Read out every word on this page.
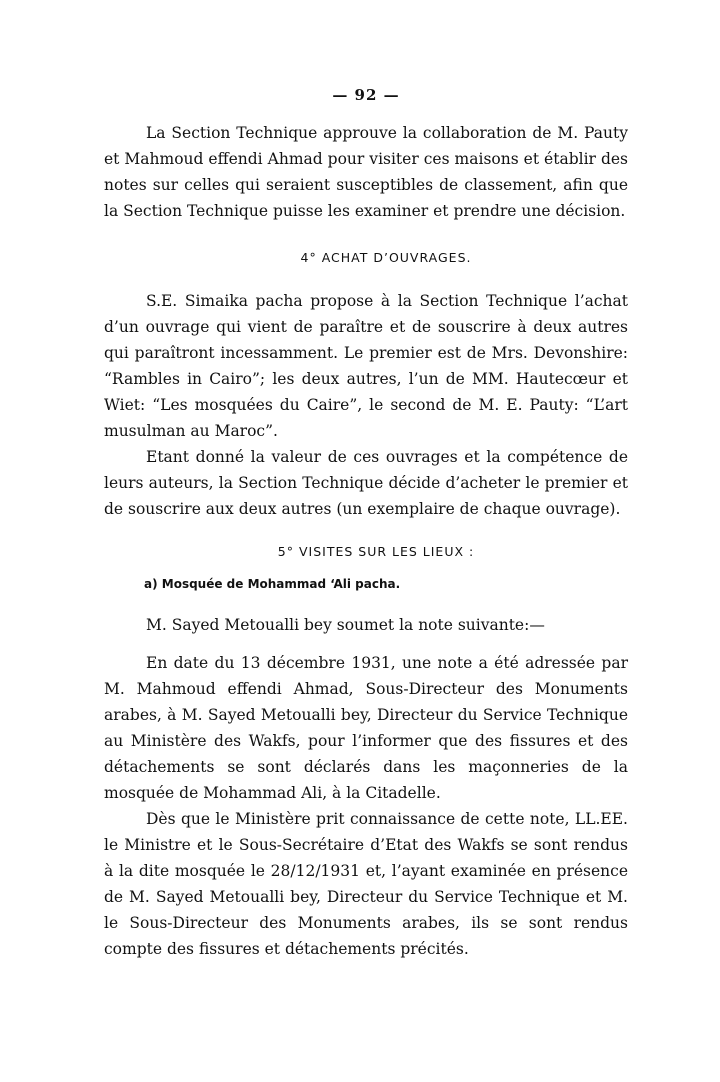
— 92 —

La Section Technique approuve la collaboration de M. Pauty et Mahmoud effendi Ahmad pour visiter ces maisons et établir des notes sur celles qui seraient susceptibles de classement, afin que la Section Technique puisse les examiner et prendre une décision.

4° ACHAT D’OUVRAGES.

S.E. Simaika pacha propose à la Section Technique l’achat d’un ouvrage qui vient de paraître et de souscrire à deux autres qui paraîtront incessamment. Le premier est de Mrs. Devonshire: “Rambles in Cairo”; les deux autres, l’un de MM. Hautecœur et Wiet: “Les mosquées du Caire”, le second de M. E. Pauty: “L’art musulman au Maroc”.

Etant donné la valeur de ces ouvrages et la compétence de leurs auteurs, la Section Technique décide d’acheter le premier et de souscrire aux deux autres (un exemplaire de chaque ouvrage).

5° VISITES SUR LES LIEUX :
a) Mosquée de Mohammad ‘Ali pacha.

M. Sayed Metoualli bey soumet la note suivante:—

En date du 13 décembre 1931, une note a été adressée par M. Mahmoud effendi Ahmad, Sous-Directeur des Monuments arabes, à M. Sayed Metoualli bey, Directeur du Service Technique au Ministère des Wakfs, pour l’informer que des fissures et des détachements se sont déclarés dans les maçonneries de la mosquée de Mohammad Ali, à la Citadelle.

Dès que le Ministère prit connaissance de cette note, LL.EE. le Ministre et le Sous-Secrétaire d’Etat des Wakfs se sont rendus à la dite mosquée le 28/12/1931 et, l’ayant examinée en présence de M. Sayed Metoualli bey, Directeur du Service Technique et M. le Sous-Directeur des Monuments arabes, ils se sont rendus compte des fissures et détachements précités.
